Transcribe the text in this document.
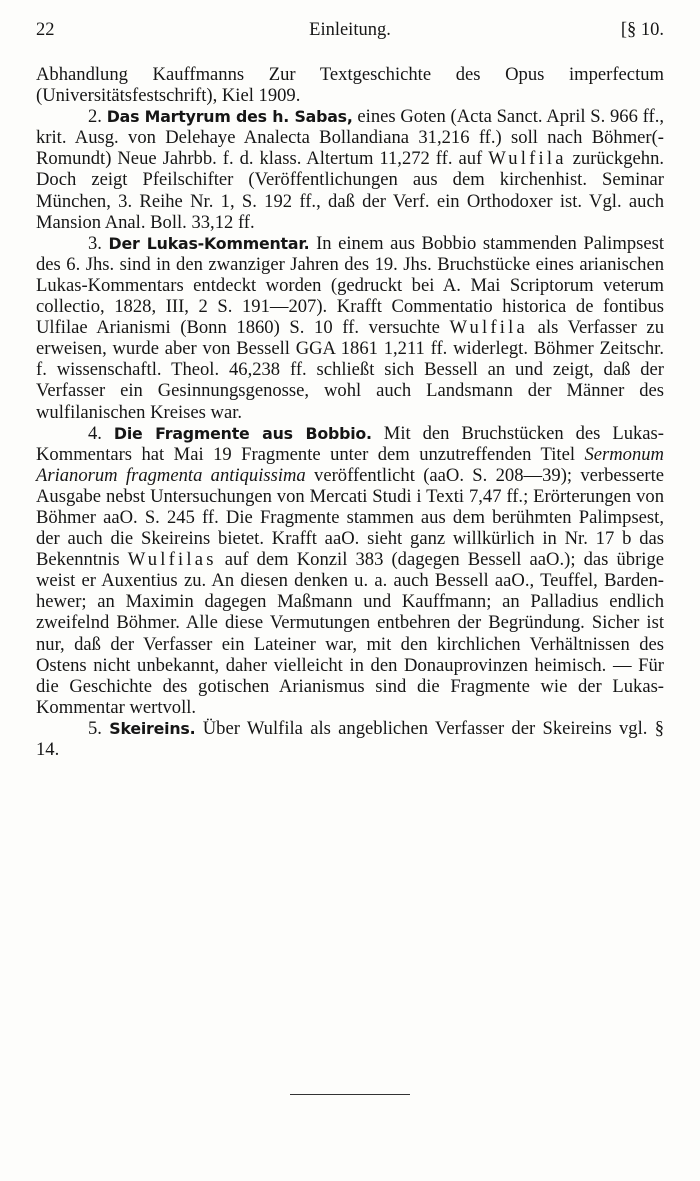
22	Einleitung.	[§ 10.

Abhandlung Kauffmanns Zur Textgeschichte des Opus imperfectum (Universitätsfestschrift), Kiel 1909.

2. Das Martyrum des h. Sabas, eines Goten (Acta Sanct. April S. 966 ff., krit. Ausg. von Delehaye Analecta Bollandiana 31,216 ff.) soll nach Böhmer(-Romundt) Neue Jahrbb. f. d. klass. Altertum 11,272 ff. auf Wulfila zurückgehn. Doch zeigt Pfeilschifter (Veröffentlichungen aus dem kirchenhist. Seminar München, 3. Reihe Nr. 1, S. 192 ff., daß der Verf. ein Orthodoxer ist. Vgl. auch Mansion Anal. Boll. 33,12 ff.

3. Der Lukas-Kommentar. In einem aus Bobbio stammenden Palimpsest des 6. Jhs. sind in den zwanziger Jahren des 19. Jhs. Bruchstücke eines arianischen Lukas-Kommentars entdeckt worden (gedruckt bei A. Mai Scriptorum veterum collectio, 1828, III, 2 S. 191—207). Krafft Commentatio historica de fontibus Ulfilae Arianismi (Bonn 1860) S. 10 ff. versuchte Wulfila als Verfasser zu erweisen, wurde aber von Bessell GGA 1861 1,211 ff. widerlegt. Böhmer Zeitschr. f. wissenschaftl. Theol. 46,238 ff. schließt sich Bessell an und zeigt, daß der Verfasser ein Gesinnungsgenosse, wohl auch Landsmann der Männer des wulfilanischen Kreises war.

4. Die Fragmente aus Bobbio. Mit den Bruchstücken des Lukas-Kommentars hat Mai 19 Fragmente unter dem unzutreffenden Titel Sermonum Arianorum fragmenta antiquissima veröffentlicht (aaO. S. 208—39); verbesserte Ausgabe nebst Untersuchungen von Mercati Studi i Texti 7,47 ff.; Erörterungen von Böhmer aaO. S. 245 ff. Die Fragmente stammen aus dem berühmten Palimpsest, der auch die Skeireins bietet. Krafft aaO. sieht ganz willkürlich in Nr. 17 b das Bekenntnis Wulfilas auf dem Konzil 383 (dagegen Bessell aaO.); das übrige weist er Auxentius zu. An diesen denken u. a. auch Bessell aaO., Teuffel, Bardenhewer; an Maximin dagegen Maßmann und Kauffmann; an Palladius endlich zweifelnd Böhmer. Alle diese Vermutungen entbehren der Begründung. Sicher ist nur, daß der Verfasser ein Lateiner war, mit den kirchlichen Verhältnissen des Ostens nicht unbekannt, daher vielleicht in den Donauprovinzen heimisch. — Für die Geschichte des gotischen Arianismus sind die Fragmente wie der Lukas-Kommentar wertvoll.

5. Skeireins. Über Wulfila als angeblichen Verfasser der Skeireins vgl. § 14.
